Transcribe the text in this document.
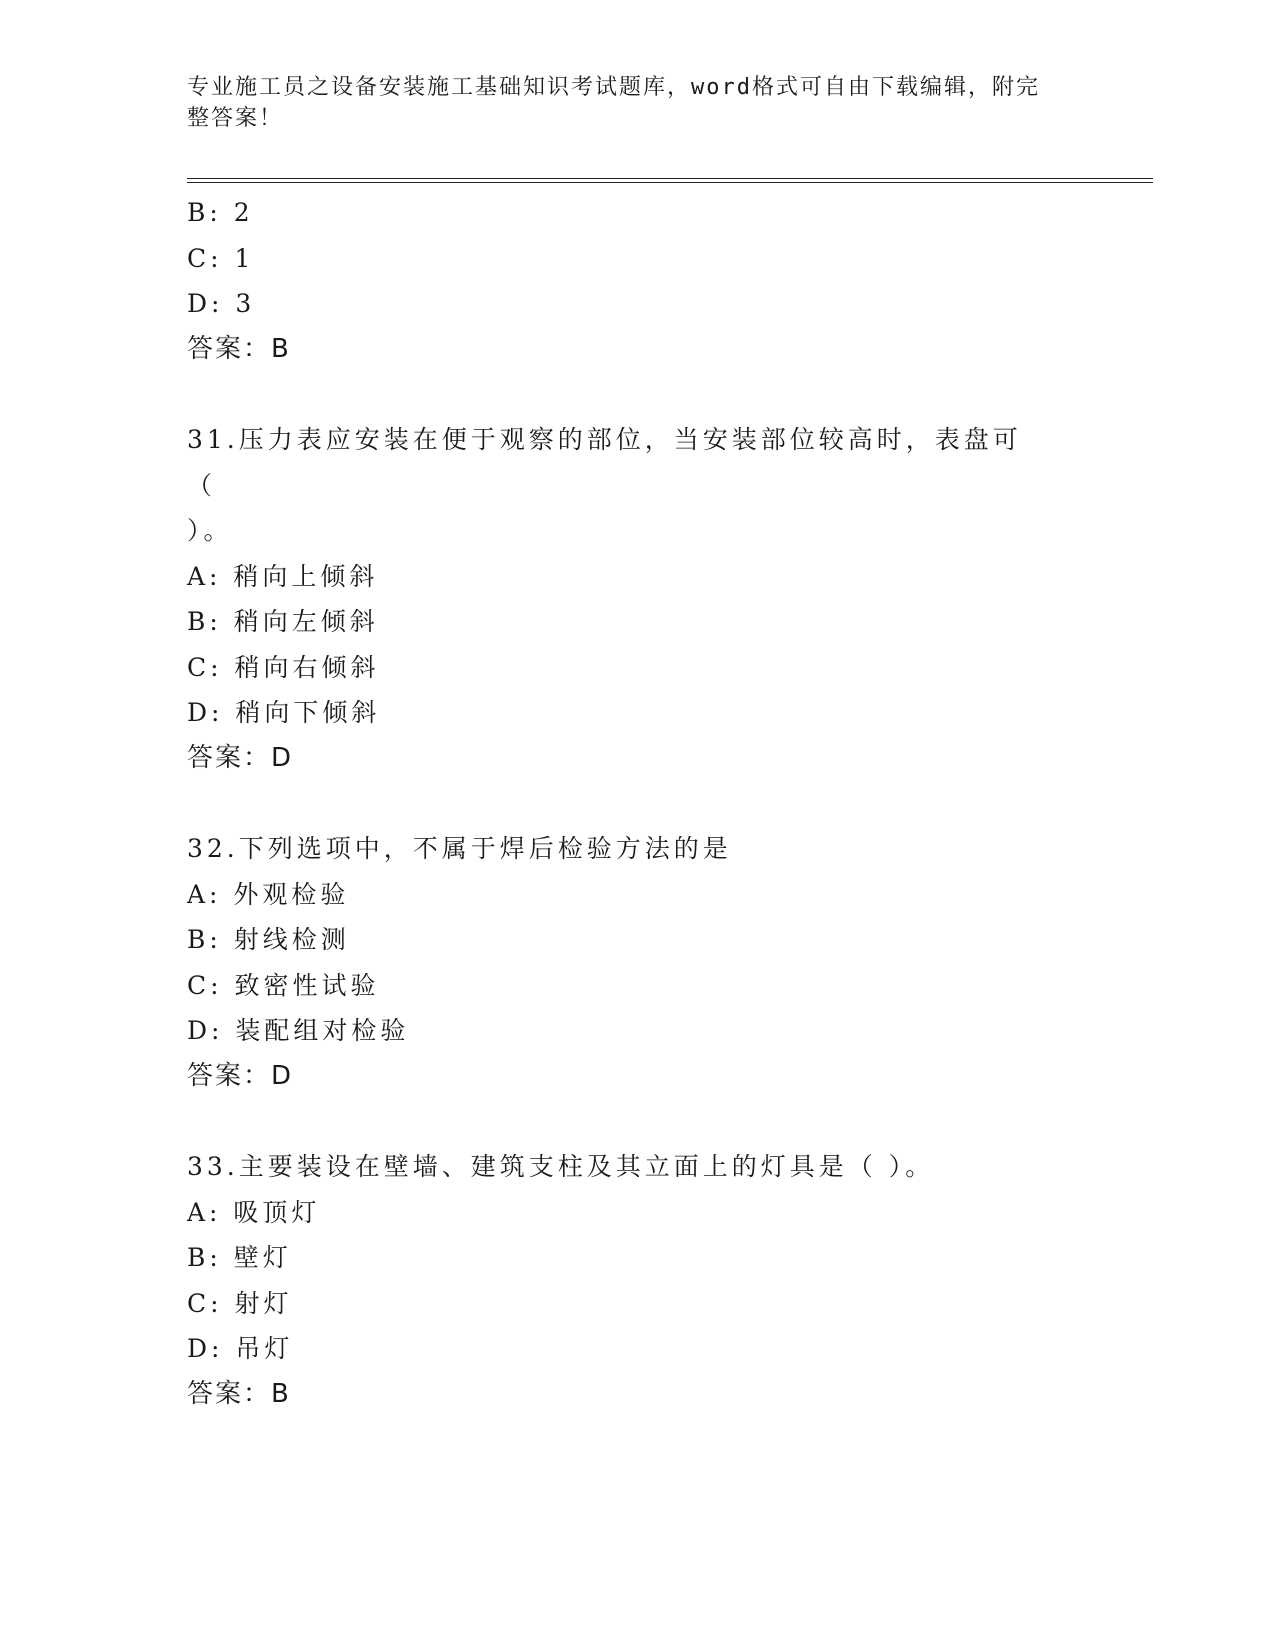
专业施工员之设备安装施工基础知识考试题库，word格式可自由下载编辑，附完
整答案！
B: 2
C: 1
D: 3
答案：B
31.压力表应安装在便于观察的部位，当安装部位较高时，表盘可（
）。
A: 稍向上倾斜
B: 稍向左倾斜
C: 稍向右倾斜
D: 稍向下倾斜
答案：D
32.下列选项中，不属于焊后检验方法的是
A: 外观检验
B: 射线检测
C: 致密性试验
D: 装配组对检验
答案：D
33.主要装设在壁墙、建筑支柱及其立面上的灯具是（ ）。
A: 吸顶灯
B: 壁灯
C: 射灯
D: 吊灯
答案：B
